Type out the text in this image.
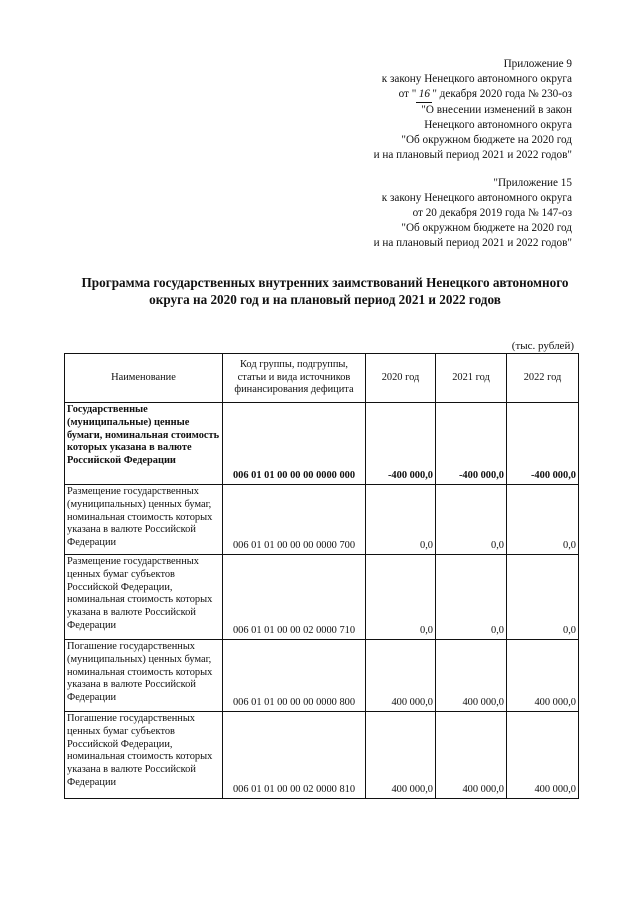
Приложение 9
к закону Ненецкого автономного округа
от " 16 " декабря 2020 года № 230-оз
"О внесении изменений в закон
Ненецкого автономного округа
"Об окружном бюджете на 2020 год
и на плановый период 2021 и 2022 годов"
"Приложение 15
к закону Ненецкого автономного округа
от 20 декабря 2019 года № 147-оз
"Об окружном бюджете на 2020 год
и на плановый период 2021 и 2022 годов"
Программа государственных внутренних заимствований Ненецкого автономного округа на 2020 год и на плановый период 2021 и 2022 годов
(тыс. рублей)
Наименование	Код группы, подгруппы, статьи и вида источников финансирования дефицита	2020 год	2021 год	2022 год
Государственные (муниципальные) ценные бумаги, номинальная стоимость которых указана в валюте Российской Федерации	006 01 01 00 00 00 0000 000	-400 000,0	-400 000,0	-400 000,0
Размещение государственных (муниципальных) ценных бумаг, номинальная стоимость которых указана в валюте Российской Федерации	006 01 01 00 00 00 0000 700	0,0	0,0	0,0
Размещение государственных ценных бумаг субъектов Российской Федерации, номинальная стоимость которых указана в валюте Российской Федерации	006 01 01 00 00 02 0000 710	0,0	0,0	0,0
Погашение государственных (муниципальных) ценных бумаг, номинальная стоимость которых указана в валюте Российской Федерации	006 01 01 00 00 00 0000 800	400 000,0	400 000,0	400 000,0
Погашение государственных ценных бумаг субъектов Российской Федерации, номинальная стоимость которых указана в валюте Российской Федерации	006 01 01 00 00 02 0000 810	400 000,0	400 000,0	400 000,0
